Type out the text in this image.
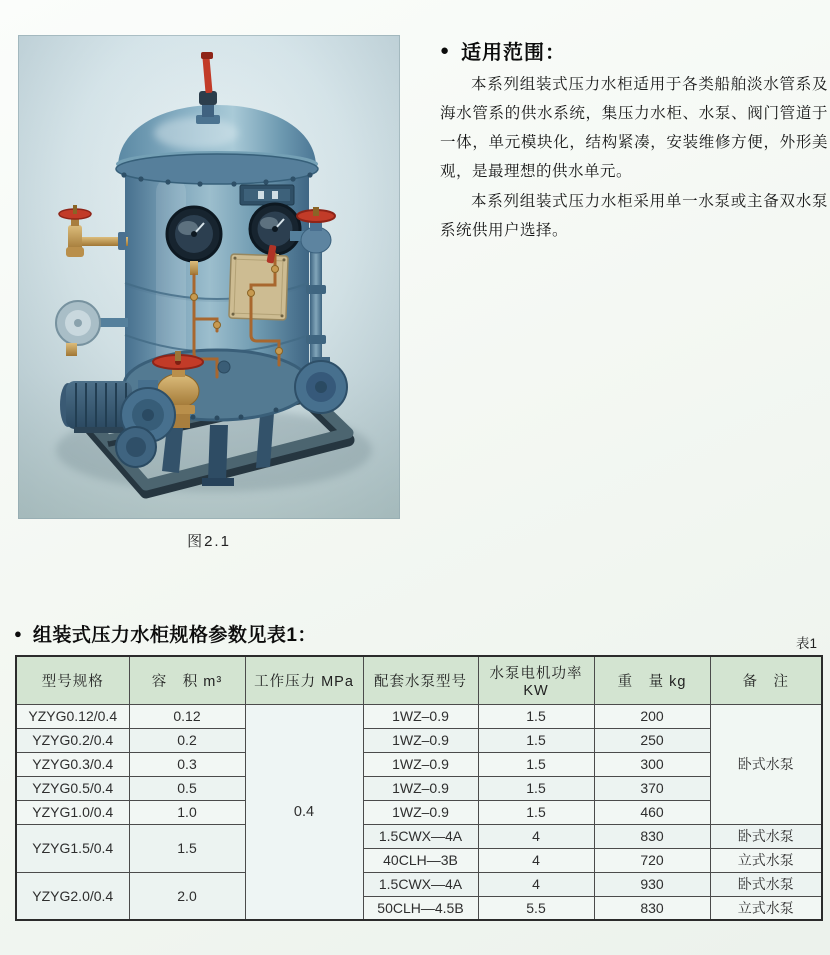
图2.1
● 适用范围：

本系列组装式压力水柜适用于各类船舶淡水管系及海水管系的供水系统，集压力水柜、水泵、阀门管道于一体，单元模块化，结构紧凑，安装维修方便，外形美观，是最理想的供水单元。

本系列组装式压力水柜采用单一水泵或主备双水泵系统供用户选择。

● 组装式压力水柜规格参数见表1：	表1
型号规格	容　积 m³	工作压力 MPa	配套水泵型号	水泵电机功率 KW	重　量 kg	备　注
YZYG0.12/0.4	0.12	0.4	1WZ–0.9	1.5	200	卧式水泵
YZYG0.2/0.4	0.2		1WZ–0.9	1.5	250	
YZYG0.3/0.4	0.3		1WZ–0.9	1.5	300	
YZYG0.5/0.4	0.5		1WZ–0.9	1.5	370	
YZYG1.0/0.4	1.0		1WZ–0.9	1.5	460	
YZYG1.5/0.4	1.5		1.5CWX—4A	4	830	卧式水泵
			40CLH—3B	4	720	立式水泵
YZYG2.0/0.4	2.0		1.5CWX—4A	4	930	卧式水泵
			50CLH—4.5B	5.5	830	立式水泵
